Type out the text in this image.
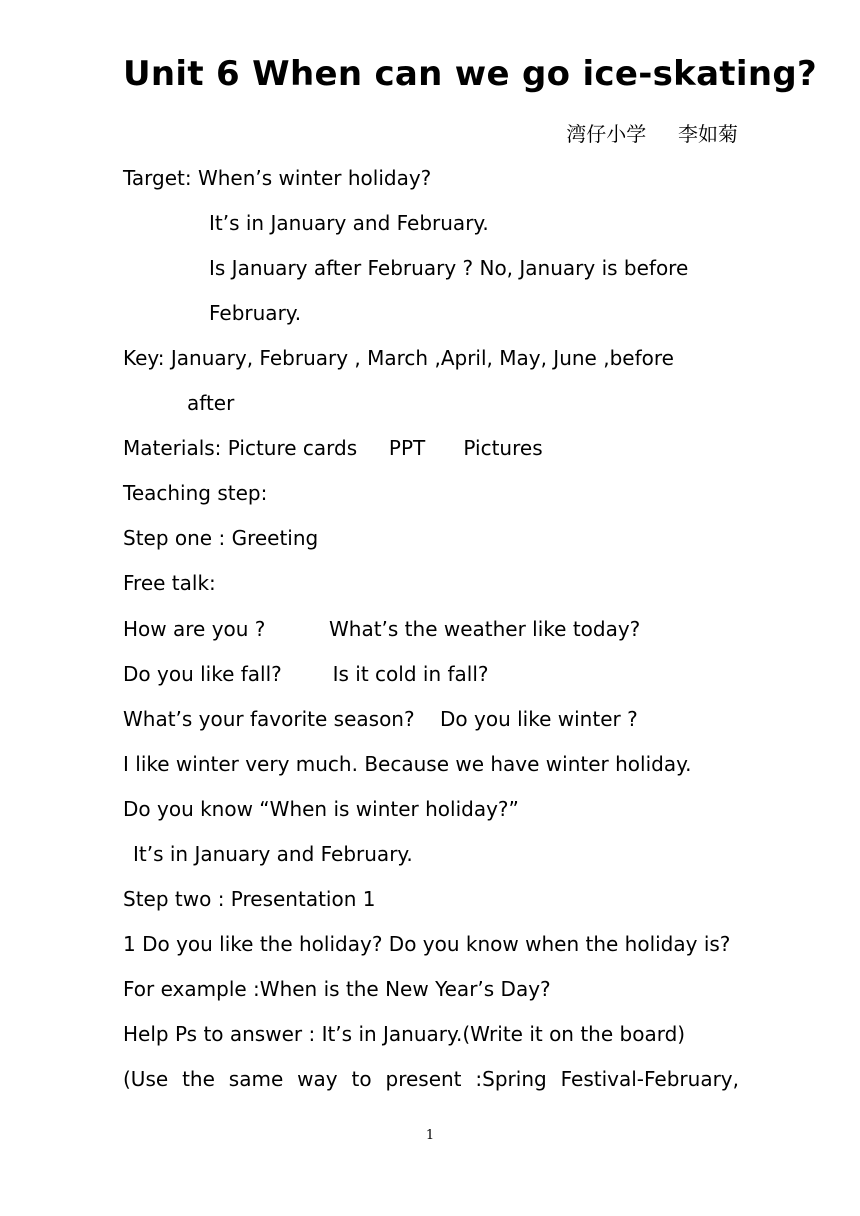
Unit 6 When can we go ice-skating?
湾仔小学     李如菊
Target: When’s winter holiday?
It’s in January and February.
Is January after February ? No, January is before
February.
Key: January, February , March ,April, May, June ,before
after
Materials: Picture cards     PPT      Pictures
Teaching step:
Step one : Greeting
Free talk:
How are you ?          What’s the weather like today?
Do you like fall?        Is it cold in fall?
What’s your favorite season?    Do you like winter ?
I like winter very much. Because we have winter holiday.
Do you know “When is winter holiday?”
It’s in January and February.
Step two : Presentation 1
1 Do you like the holiday? Do you know when the holiday is?
For example :When is the New Year’s Day?
Help Ps to answer : It’s in January.(Write it on the board)
(Use the same way to present :Spring Festival-February,
1
